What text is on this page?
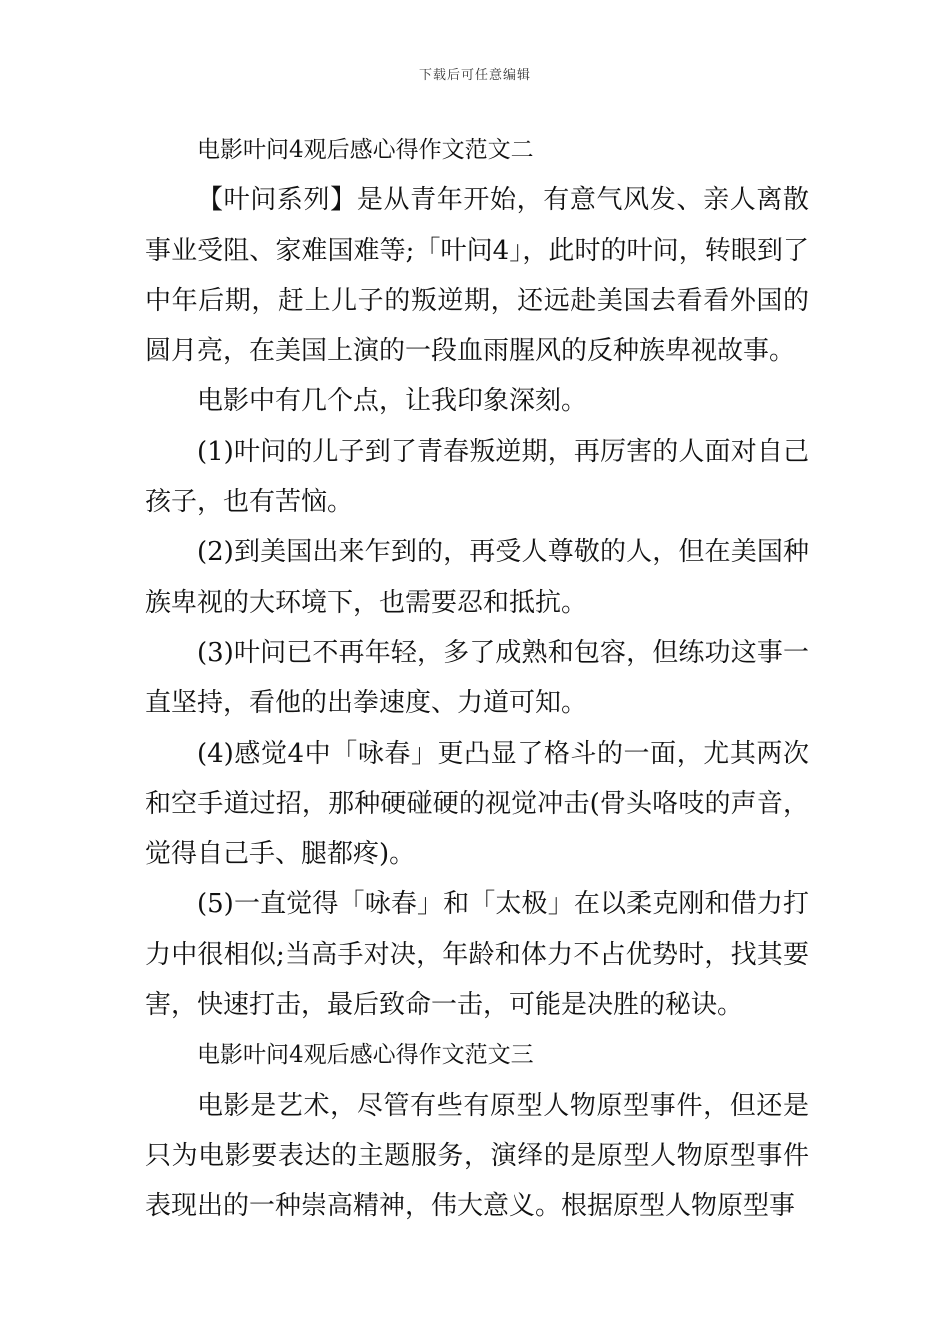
下载后可任意编辑

电影叶问4观后感心得作文范文二

【叶问系列】是从青年开始，有意气风发、亲人离散事业受阻、家难国难等;「叶问4」，此时的叶问，转眼到了中年后期，赶上儿子的叛逆期，还远赴美国去看看外国的圆月亮，在美国上演的一段血雨腥风的反种族卑视故事。

电影中有几个点，让我印象深刻。

(1)叶问的儿子到了青春叛逆期，再厉害的人面对自己孩子，也有苦恼。

(2)到美国出来乍到的，再受人尊敬的人，但在美国种族卑视的大环境下，也需要忍和抵抗。

(3)叶问已不再年轻，多了成熟和包容，但练功这事一直坚持，看他的出拳速度、力道可知。

(4)感觉4中「咏春」更凸显了格斗的一面，尤其两次和空手道过招，那种硬碰硬的视觉冲击(骨头咯吱的声音，觉得自己手、腿都疼)。

(5)一直觉得「咏春」和「太极」在以柔克刚和借力打力中很相似;当高手对决，年龄和体力不占优势时，找其要害，快速打击，最后致命一击，可能是决胜的秘诀。

电影叶问4观后感心得作文范文三

电影是艺术，尽管有些有原型人物原型事件，但还是只为电影要表达的主题服务，演绎的是原型人物原型事件表现出的一种崇高精神，伟大意义。根据原型人物原型事
